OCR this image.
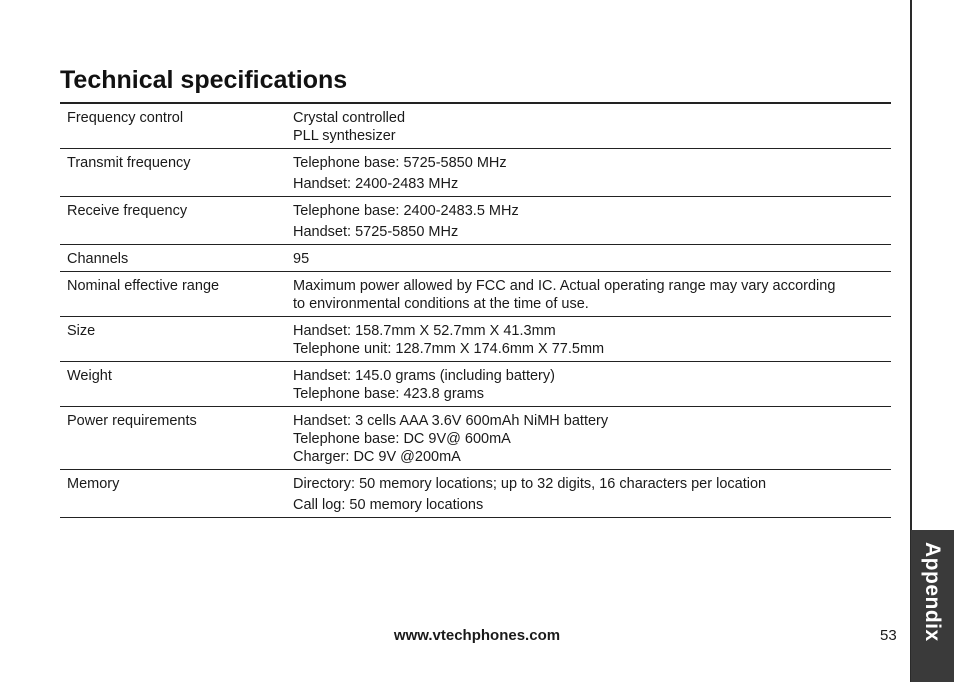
Appendix
Technical specifications
Frequency control	Crystal controlled
PLL synthesizer

Transmit frequency	Telephone base: 5725-5850 MHz
Handset: 2400-2483 MHz

Receive frequency	Telephone base: 2400-2483.5 MHz
Handset: 5725-5850 MHz

Channels	95

Nominal effective range	Maximum power allowed by FCC and IC. Actual operating range may vary according
to environmental conditions at the time of use.

Size	Handset: 158.7mm X 52.7mm X 41.3mm
Telephone unit: 128.7mm X 174.6mm X 77.5mm

Weight	Handset: 145.0 grams (including battery)
Telephone base: 423.8 grams

Power requirements	Handset: 3 cells AAA 3.6V 600mAh NiMH battery
Telephone base: DC 9V@ 600mA
Charger: DC 9V @200mA

Memory	Directory: 50 memory locations; up to 32 digits, 16 characters per location
Call log: 50 memory locations
www.vtechphones.com	53
